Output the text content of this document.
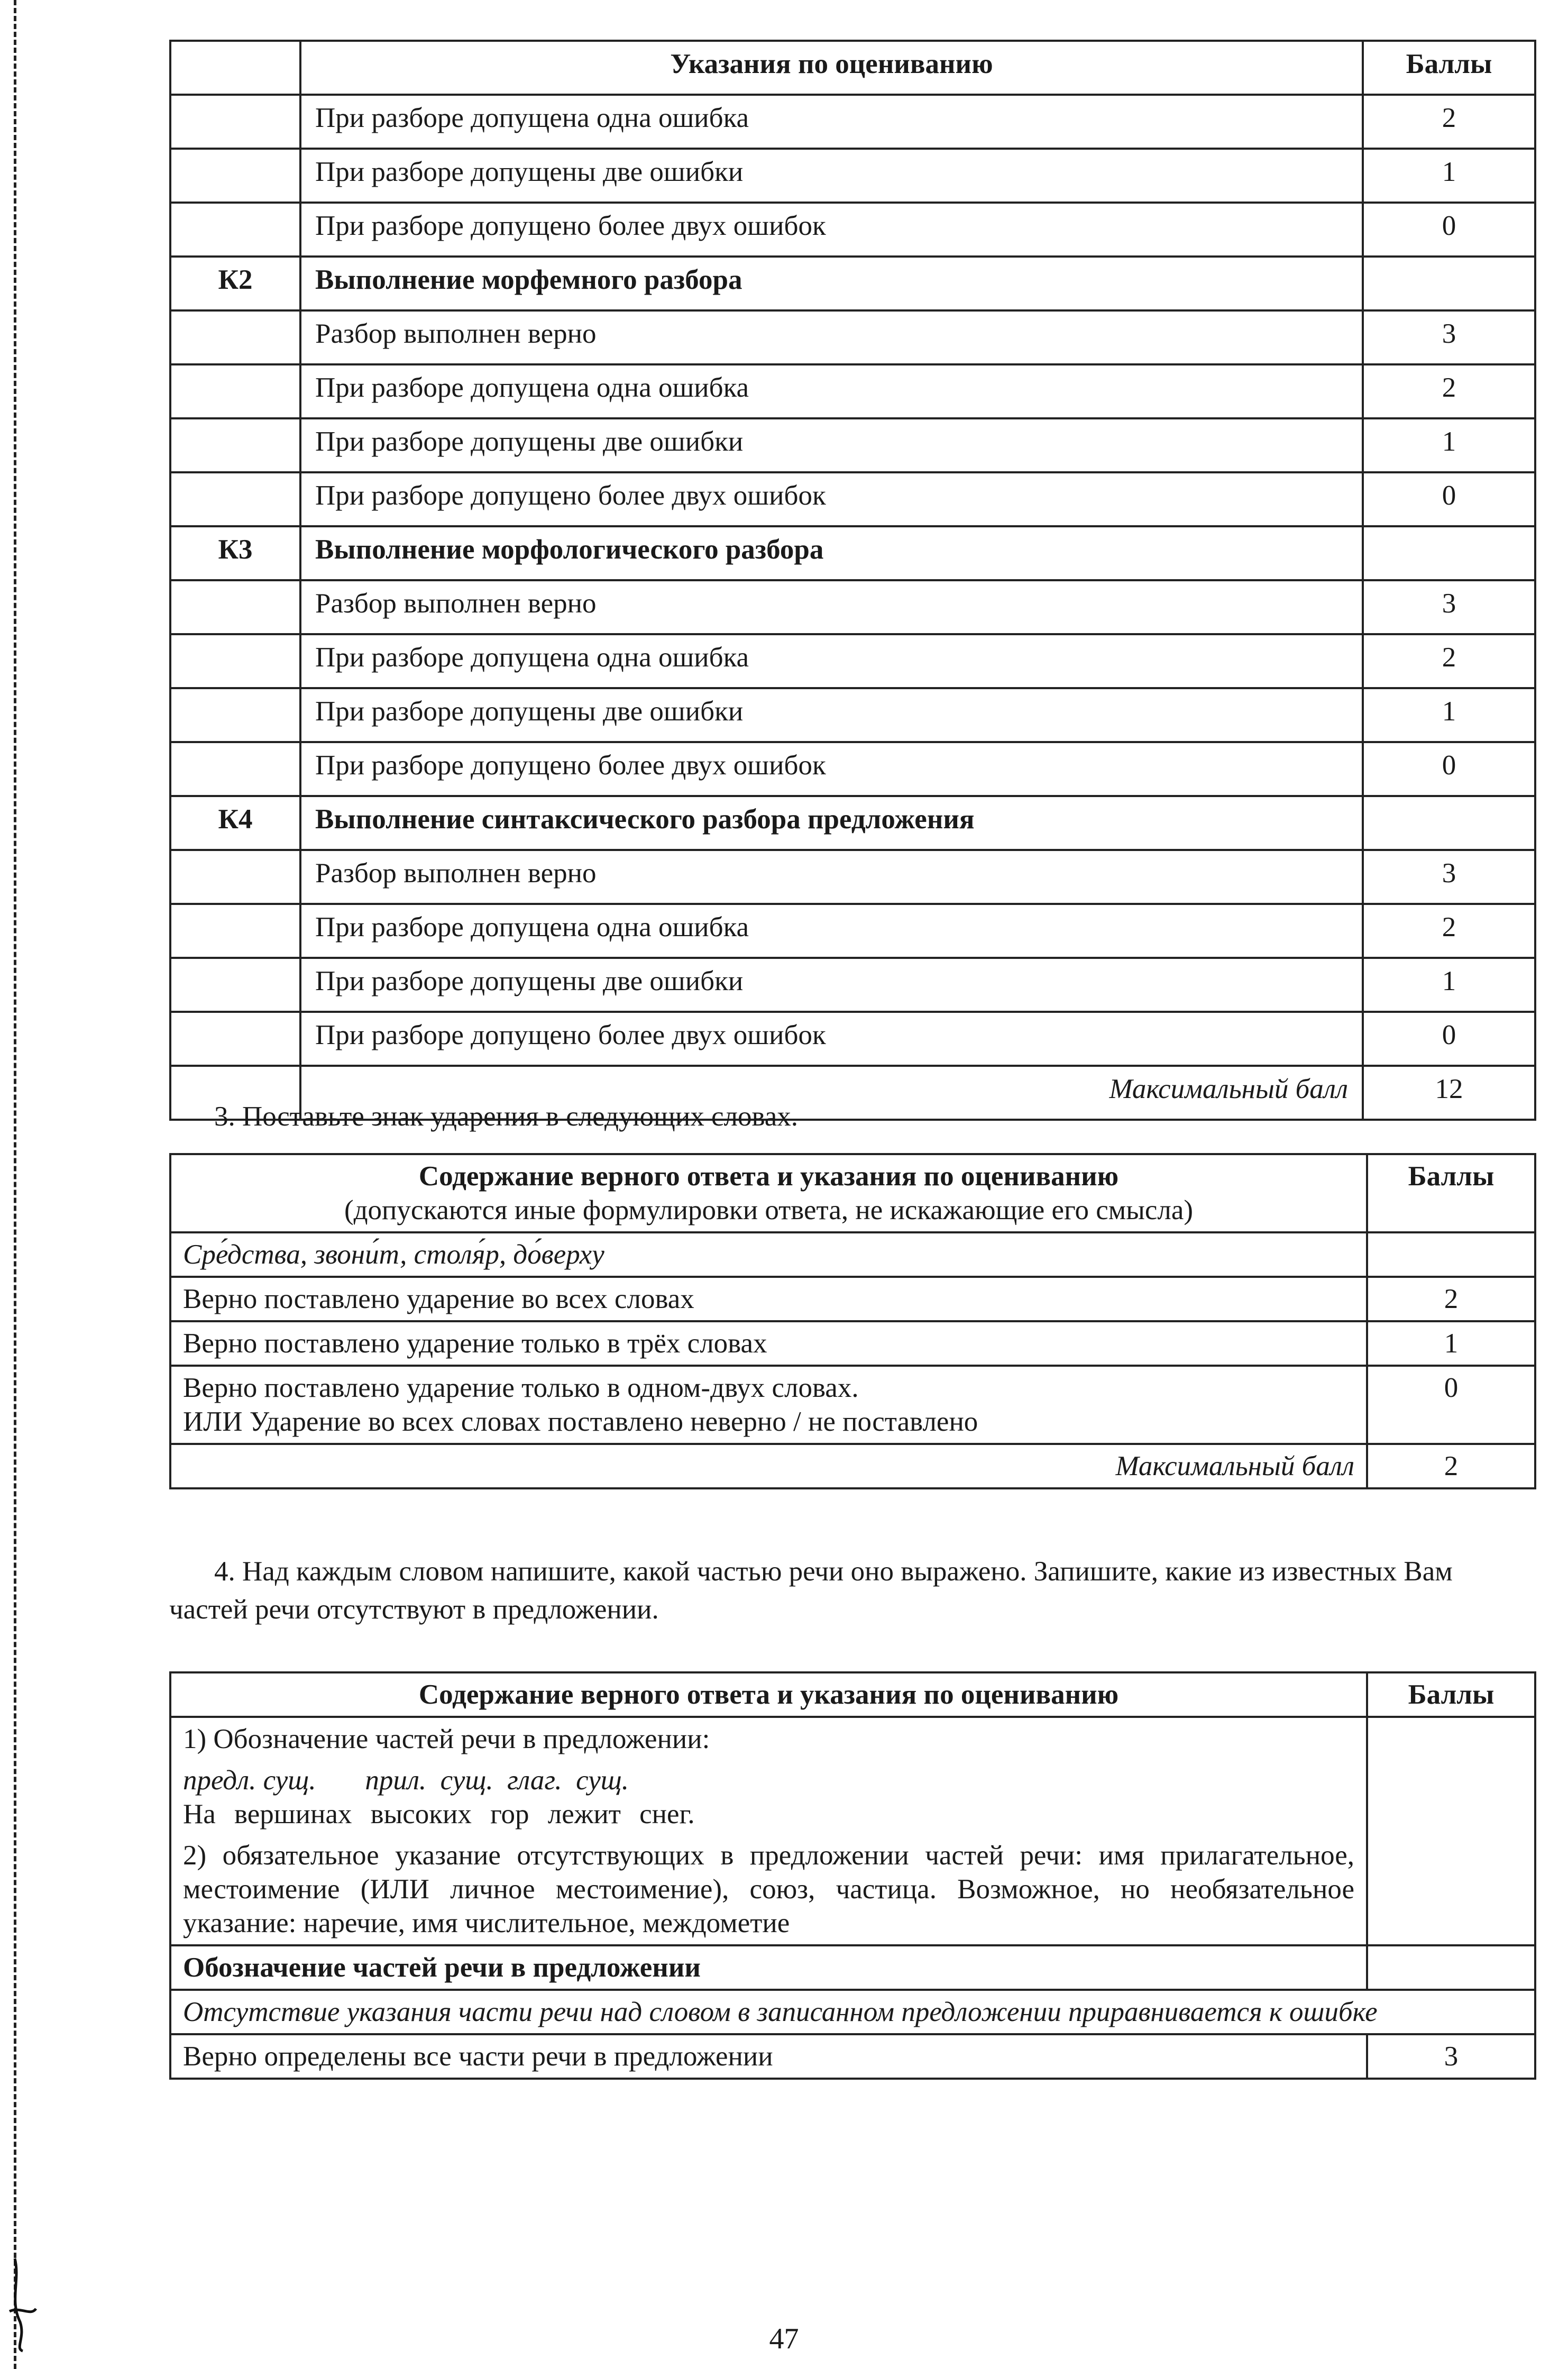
	Указания по оцениванию	Баллы
	При разборе допущена одна ошибка	2
	При разборе допущены две ошибки	1
	При разборе допущено более двух ошибок	0
К2	Выполнение морфемного разбора	
	Разбор выполнен верно	3
	При разборе допущена одна ошибка	2
	При разборе допущены две ошибки	1
	При разборе допущено более двух ошибок	0
К3	Выполнение морфологического разбора	
	Разбор выполнен верно	3
	При разборе допущена одна ошибка	2
	При разборе допущены две ошибки	1
	При разборе допущено более двух ошибок	0
К4	Выполнение синтаксического разбора предложения	
	Разбор выполнен верно	3
	При разборе допущена одна ошибка	2
	При разборе допущены две ошибки	1
	При разборе допущено более двух ошибок	0
	Максимальный балл	12
3. Поставьте знак ударения в следующих словах.
Содержание верного ответа и указания по оцениванию
(допускаются иные формулировки ответа, не искажающие его смысла)	Баллы
Сре́дства, звони́т, столя́р, до́верху	
Верно поставлено ударение во всех словах	2
Верно поставлено ударение только в трёх словах	1

Верно поставлено ударение только в одном-двух словах.
ИЛИ Ударение во всех словах поставлено неверно / не поставлено	0
Максимальный балл	2
4. Над каждым словом напишите, какой частью речи оно выражено. Запишите, какие из известных Вам частей речи отсутствуют в предложении.
Содержание верного ответа и указания по оцениванию	Баллы

1) Обозначение частей речи в предложении:
предл. сущ.       прил.  сущ.  глаг.  сущ.
На вершинах высоких гор лежит снег.
2) обязательное указание отсутствующих в предложении частей речи: имя прилагательное, местоимение (ИЛИ личное местоимение), союз, частица. Возможное, но необязательное указание: наречие, имя числительное, междометие	

Обозначение частей речи в предложении	
Отсутствие указания части речи над словом в записанном предложении приравнивается к ошибке	
Верно определены все части речи в предложении	3
47
